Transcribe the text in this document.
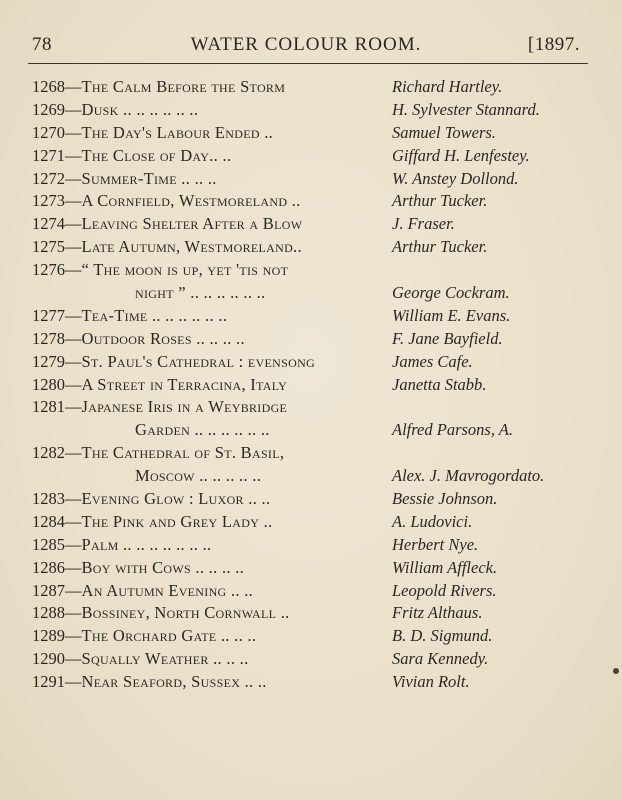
78	WATER COLOUR ROOM.	[1897.
1268—The Calm Before the Storm	Richard Hartley.
1269—Dusk .. .. .. .. .. ..	H. Sylvester Stannard.
1270—The Day's Labour Ended ..	Samuel Towers.
1271—The Close of Day.. ..	Giffard H. Lenfestey.
1272—Summer-Time .. .. ..	W. Anstey Dollond.
1273—A Cornfield, Westmoreland ..	Arthur Tucker.
1274—Leaving Shelter After a Blow	J. Fraser.
1275—Late Autumn, Westmoreland..	Arthur Tucker.
1276—“ The moon is up, yet 'tis not
night ” .. .. .. .. .. ..	George Cockram.
1277—Tea-Time .. .. .. .. .. ..	William E. Evans.
1278—Outdoor Roses .. .. .. ..	F. Jane Bayfield.
1279—St. Paul's Cathedral : evensong	James Cafe.
1280—A Street in Terracina, Italy	Janetta Stabb.
1281—Japanese Iris in a Weybridge
Garden .. .. .. .. .. ..	Alfred Parsons, A.
1282—The Cathedral of St. Basil,
Moscow .. .. .. .. ..	Alex. J. Mavrogordato.
1283—Evening Glow : Luxor .. ..	Bessie Johnson.
1284—The Pink and Grey Lady ..	A. Ludovici.
1285—Palm .. .. .. .. .. .. ..	Herbert Nye.
1286—Boy with Cows .. .. .. ..	William Affleck.
1287—An Autumn Evening .. ..	Leopold Rivers.
1288—Bossiney, North Cornwall ..	Fritz Althaus.
1289—The Orchard Gate .. .. ..	B. D. Sigmund.
1290—Squally Weather .. .. ..	Sara Kennedy.
1291—Near Seaford, Sussex .. ..	Vivian Rolt.
